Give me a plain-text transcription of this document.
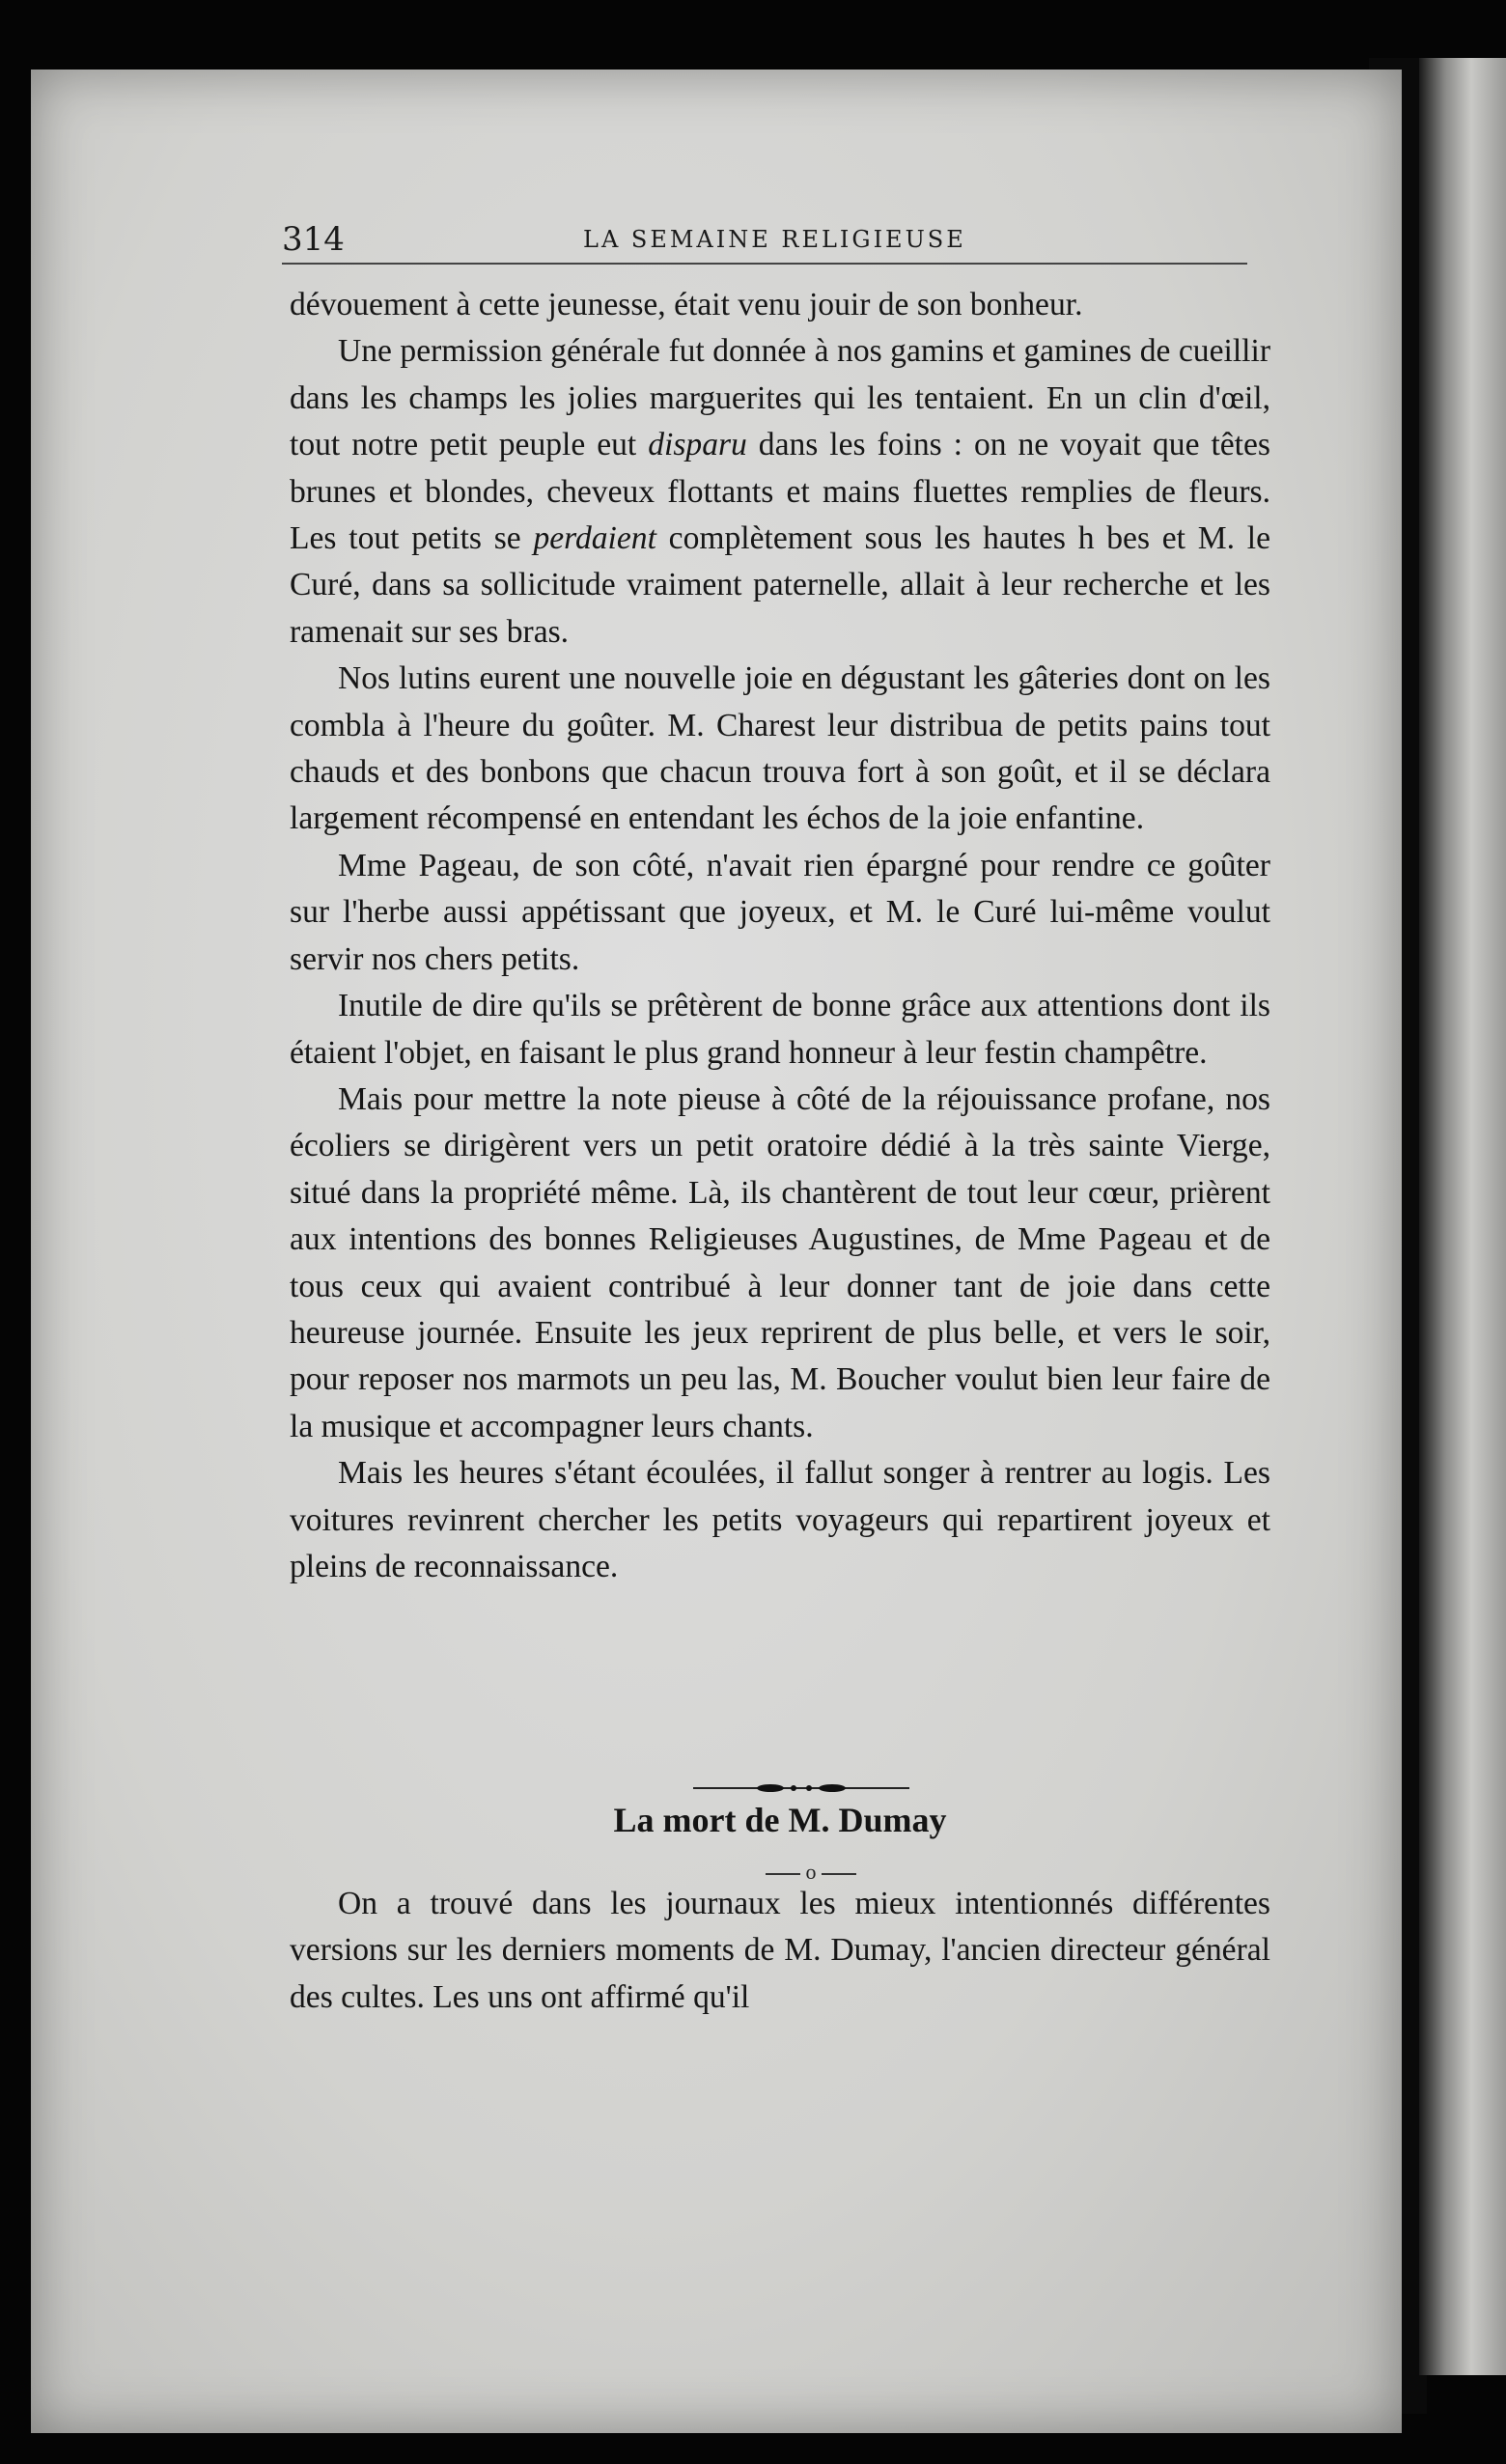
314	LA SEMAINE RELIGIEUSE

dévouement à cette jeunesse, était venu jouir de son bonheur.

Une permission générale fut donnée à nos gamins et gamines de cueillir dans les champs les jolies marguerites qui les tentaient. En un clin d'œil, tout notre petit peuple eut disparu dans les foins : on ne voyait que têtes brunes et blondes, cheveux flottants et mains fluettes remplies de fleurs. Les tout petits se perdaient complètement sous les hautes h bes et M. le Curé, dans sa sollicitude vraiment paternelle, allait à leur recherche et les ramenait sur ses bras.

Nos lutins eurent une nouvelle joie en dégustant les gâteries dont on les combla à l'heure du goûter. M. Charest leur distribua de petits pains tout chauds et des bonbons que chacun trouva fort à son goût, et il se déclara largement récompensé en entendant les échos de la joie enfantine.

Mme Pageau, de son côté, n'avait rien épargné pour rendre ce goûter sur l'herbe aussi appétissant que joyeux, et M. le Curé lui-même voulut servir nos chers petits.

Inutile de dire qu'ils se prêtèrent de bonne grâce aux attentions dont ils étaient l'objet, en faisant le plus grand honneur à leur festin champêtre.

Mais pour mettre la note pieuse à côté de la réjouissance profane, nos écoliers se dirigèrent vers un petit oratoire dédié à la très sainte Vierge, situé dans la propriété même. Là, ils chantèrent de tout leur cœur, prièrent aux intentions des bonnes Religieuses Augustines, de Mme Pageau et de tous ceux qui avaient contribué à leur donner tant de joie dans cette heureuse journée. Ensuite les jeux reprirent de plus belle, et vers le soir, pour reposer nos marmots un peu las, M. Boucher voulut bien leur faire de la musique et accompagner leurs chants.

Mais les heures s'étant écoulées, il fallut songer à rentrer au logis. Les voitures revinrent chercher les petits voyageurs qui repartirent joyeux et pleins de reconnaissance.

La mort de M. Dumay
o

On a trouvé dans les journaux les mieux intentionnés différentes versions sur les derniers moments de M. Dumay, l'ancien directeur général des cultes. Les uns ont affirmé qu'il
